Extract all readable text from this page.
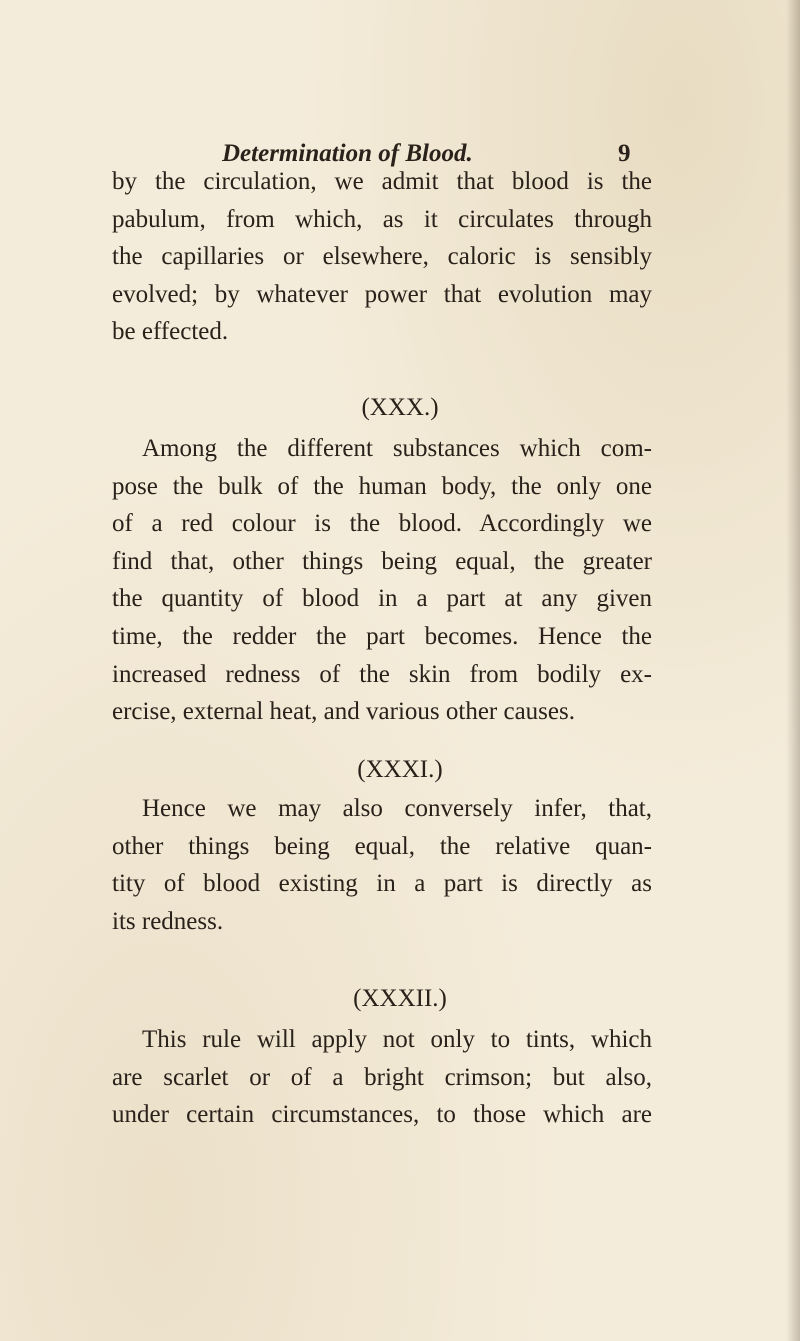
Determination of Blood.	9
by the circulation, we admit that blood is the
pabulum, from which, as it circulates through
the capillaries or elsewhere, caloric is sensibly
evolved; by whatever power that evolution may
be effected.
(XXX.)
Among the different substances which com-
pose the bulk of the human body, the only one
of a red colour is the blood. Accordingly we
find that, other things being equal, the greater
the quantity of blood in a part at any given
time, the redder the part becomes. Hence the
increased redness of the skin from bodily ex-
ercise, external heat, and various other causes.
(XXXI.)
Hence we may also conversely infer, that,
other things being equal, the relative quan-
tity of blood existing in a part is directly as
its redness.
(XXXII.)
This rule will apply not only to tints, which
are scarlet or of a bright crimson; but also,
under certain circumstances, to those which are
